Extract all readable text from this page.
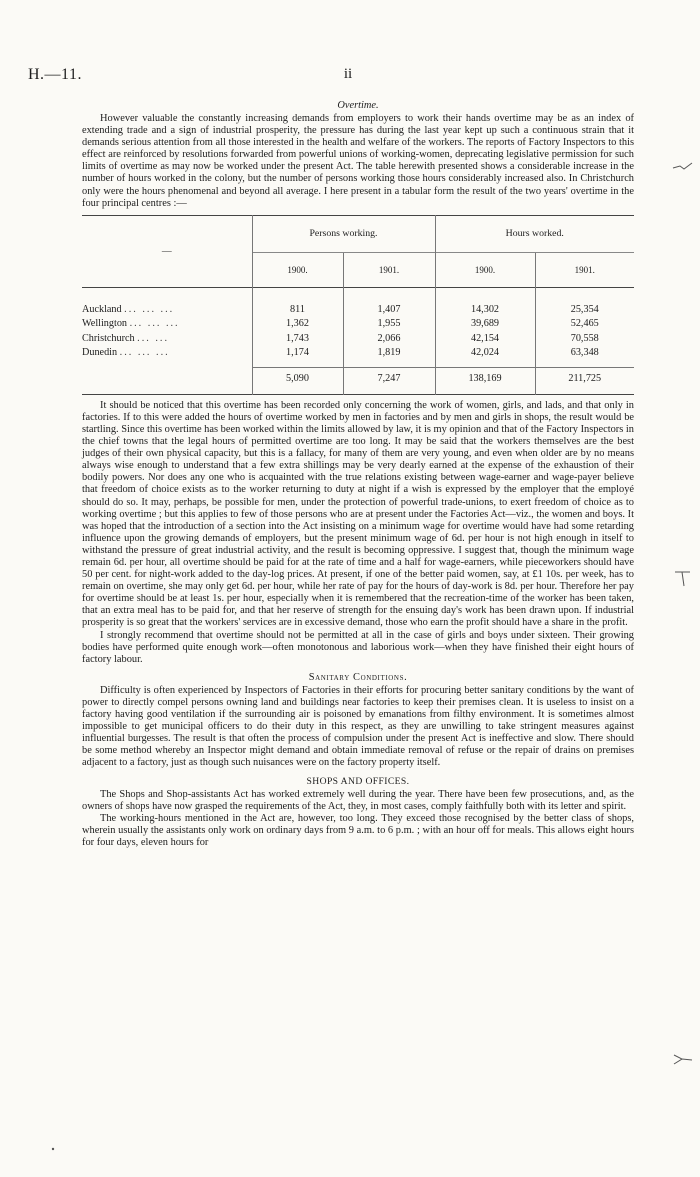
H.—11.	ii
Overtime.

However valuable the constantly increasing demands from employers to work their hands overtime may be as an index of extending trade and a sign of industrial prosperity, the pressure has during the last year kept up such a continuous strain that it demands serious attention from all those interested in the health and welfare of the workers. The reports of Factory Inspectors to this effect are reinforced by resolutions forwarded from powerful unions of working-women, deprecating legislative permission for such limits of overtime as may now be worked under the present Act. The table herewith presented shows a considerable increase in the number of hours worked in the colony, but the number of persons working those hours considerably increased also. In Christchurch only were the hours phenomenal and beyond all average. I here present in a tabular form the result of the two years' overtime in the four principal centres :—

—	Persons working.		Hours worked.	
	1900.	1901.	1900.	1901.
Auckland ... ... ...	811	1,407	14,302	25,354
Wellington ... ... ...	1,362	1,955	39,689	52,465
Christchurch ... ...	1,743	2,066	42,154	70,558
Dunedin ... ... ...	1,174	1,819	42,024	63,348
	5,090	7,247	138,169	211,725

It should be noticed that this overtime has been recorded only concerning the work of women, girls, and lads, and that only in factories. If to this were added the hours of overtime worked by men in factories and by men and girls in shops, the result would be startling. Since this overtime has been worked within the limits allowed by law, it is my opinion and that of the Factory Inspectors in the chief towns that the legal hours of permitted overtime are too long. It may be said that the workers themselves are the best judges of their own physical capacity, but this is a fallacy, for many of them are very young, and even when older are by no means always wise enough to understand that a few extra shillings may be very dearly earned at the expense of the exhaustion of their bodily powers. Nor does any one who is acquainted with the true relations existing between wage-earner and wage-payer believe that freedom of choice exists as to the worker returning to duty at night if a wish is expressed by the employer that the employé should do so. It may, perhaps, be possible for men, under the protection of powerful trade-unions, to exert freedom of choice as to working overtime ; but this applies to few of those persons who are at present under the Factories Act—viz., the women and boys. It was hoped that the introduction of a section into the Act insisting on a minimum wage for overtime would have had some retarding influence upon the growing demands of employers, but the present minimum wage of 6d. per hour is not high enough in itself to withstand the pressure of great industrial activity, and the result is becoming oppressive. I suggest that, though the minimum wage remain 6d. per hour, all overtime should be paid for at the rate of time and a half for wage-earners, while pieceworkers should have 50 per cent. for night-work added to the day-log prices. At present, if one of the better paid women, say, at £1 10s. per week, has to remain on overtime, she may only get 6d. per hour, while her rate of pay for the hours of day-work is 8d. per hour. Therefore her pay for overtime should be at least 1s. per hour, especially when it is remembered that the recreation-time of the worker has been taken, that an extra meal has to be paid for, and that her reserve of strength for the ensuing day's work has been drawn upon. If industrial prosperity is so great that the workers' services are in excessive demand, those who earn the profit should have a share in the profit.

I strongly recommend that overtime should not be permitted at all in the case of girls and boys under sixteen. Their growing bodies have performed quite enough work—often monotonous and laborious work—when they have finished their eight hours of factory labour.

Sanitary Conditions.

Difficulty is often experienced by Inspectors of Factories in their efforts for procuring better sanitary conditions by the want of power to directly compel persons owning land and buildings near factories to keep their premises clean. It is useless to insist on a factory having good ventilation if the surrounding air is poisoned by emanations from filthy environment. It is sometimes almost impossible to get municipal officers to do their duty in this respect, as they are unwilling to take stringent measures against influential burgesses. The result is that often the process of compulsion under the present Act is ineffective and slow. There should be some method whereby an Inspector might demand and obtain immediate removal of refuse or the repair of drains on premises adjacent to a factory, just as though such nuisances were on the factory property itself.

SHOPS AND OFFICES.

The Shops and Shop-assistants Act has worked extremely well during the year. There have been few prosecutions, and, as the owners of shops have now grasped the requirements of the Act, they, in most cases, comply faithfully both with its letter and spirit.

The working-hours mentioned in the Act are, however, too long. They exceed those recognised by the better class of shops, wherein usually the assistants only work on ordinary days from 9 a.m. to 6 p.m. ; with an hour off for meals. This allows eight hours for four days, eleven hours for
